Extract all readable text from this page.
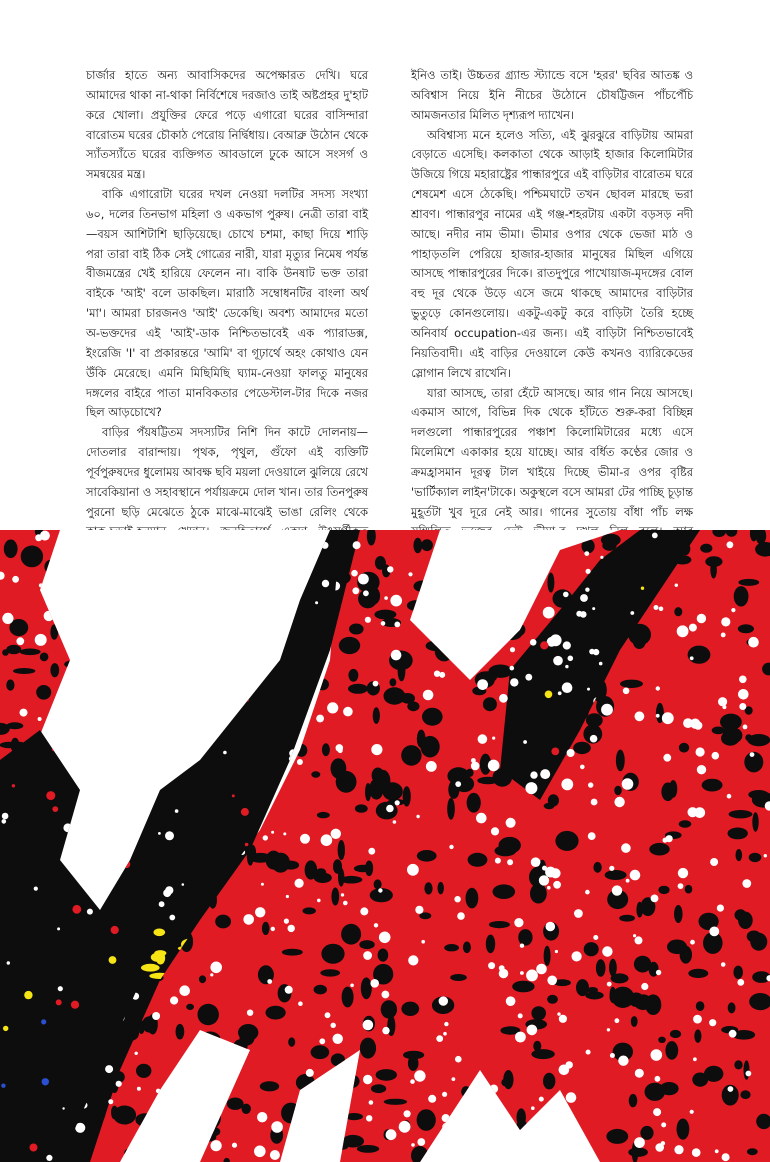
চার্জার হাতে অন্য আবাসিকদের অপেক্ষারত দেখি। ঘরে আমাদের থাকা না-থাকা নির্বিশেষে দরজাও তাই অষ্টপ্রহর দু'হাট করে খোলা। প্রযুক্তির ফেরে পড়ে এগারো ঘরের বাসিন্দারা বারোতম ঘরের চৌকাঠ পেরোয় নির্দ্বিধায়। বেআব্রু উঠোন থেকে স্যাঁতস্যাঁতে ঘরের ব্যক্তিগত আবডালে ঢুকে আসে সংসর্গ ও সমন্বয়ের মন্ত্র।

বাকি এগারোটা ঘরের দখল নেওয়া দলটির সদস্য সংখ্যা ৬০, দলের তিনভাগ মহিলা ও একভাগ পুরুষ। নেত্রী তারা বাই—বয়স আশিটাশি ছাড়িয়েছে। চোখে চশমা, কাছা দিয়ে শাড়ি পরা তারা বাই ঠিক সেই গোত্রের নারী, যারা মৃত্যুর নিমেষ পর্যন্ত বীজমন্ত্রের খেই হারিয়ে ফেলেন না। বাকি উনষাট ভক্ত তারা বাইকে 'আই' বলে ডাকছিল। মারাঠি সম্বোধনটির বাংলা অর্থ 'মা'। আমরা চারজনও 'আই' ডেকেছি। অবশ্য আমাদের মতো অ-ভক্তদের এই 'আই'-ডাক নিশ্চিতভাবেই এক প্যারাডক্স, ইংরেজি 'I' বা প্রকারন্তরে 'আমি' বা গূঢ়ার্থে অহং কোথাও যেন উঁকি মেরেছে। এমনি মিছিমিছি ঘ্যাম-নেওয়া ফালতু মানুষের দঙ্গলের বাইরে পাতা মানবিকতার পেডেস্টাল-টার দিকে নজর ছিল আড়চোখে?

বাড়ির পঁয়ষট্টিতম সদস্যটির নিশি দিন কাটে দোলনায়—দোতলার বারান্দায়। পৃথক, পৃথুল, গুঁফো এই ব্যক্তিটি পূর্বপুরুষদের ধুলোময় আবক্ষ ছবি ময়লা দেওয়ালে ঝুলিয়ে রেখে সাবেকিয়ানা ও সহাবস্থানে পর্যায়ক্রমে দোল খান। তার তিনপুরুষ পুরনো ছড়ি মেঝেতে ঠুকে মাঝে-মাঝেই ভাঙা রেলিং থেকে

ইনিও তাই। উচ্চতর গ্র্যান্ড স্ট্যান্ডে বসে 'হরর' ছবির আতঙ্ক ও অবিশ্বাস নিয়ে ইনি নীচের উঠোনে চৌষট্টিজন পাঁচপেঁচি আমজনতার মিলিত দৃশ্যরূপ দ্যাখেন।

অবিশ্বাস্য মনে হলেও সত্যি, এই ঝুরঝুরে বাড়িটায় আমরা বেড়াতে এসেছি। কলকাতা থেকে আড়াই হাজার কিলোমিটার উজিয়ে গিয়ে মহারাষ্ট্রের পান্ধারপুরে এই বাড়িটার বারোতম ঘরে শেষমেশ এসে ঠেকেছি। পশ্চিমঘাটে তখন ছোবল মারছে ভরা শ্রাবণ। পান্ধারপুর নামের এই গঞ্জ-শহরটায় একটা বড়সড় নদী আছে। নদীর নাম ভীমা। ভীমার ওপার থেকে ভেজা মাঠ ও পাহাড়তলি পেরিয়ে হাজার-হাজার মানুষের মিছিল এগিয়ে আসছে পান্ধারপুরের দিকে। রাতদুপুরে পাখোয়াজ-মৃদঙ্গের বোল বহু দূর থেকে উড়ে এসে জমে থাকছে আমাদের বাড়িটার ভুতুড়ে কোনগুলোয়। একটু-একটু করে বাড়িটা তৈরি হচ্ছে অনিবার্য occupation-এর জন্য। এই বাড়িটা নিশ্চিতভাবেই নিয়তিবাদী। এই বাড়ির দেওয়ালে কেউ কখনও ব্যারিকেডের স্লোগান লিখে রাখেনি।

যারা আসছে, তারা হেঁটে আসছে। আর গান নিয়ে আসছে। একমাস আগে, বিভিন্ন দিক থেকে হাঁটতে শুরু-করা বিচ্ছিন্ন দলগুলো পান্ধারপুরের পঞ্চাশ কিলোমিটারের মধ্যে এসে মিলেমিশে একাকার হয়ে যাচ্ছে। আর বর্ধিত কণ্ঠের জোর ও ক্রমহ্রাসমান দূরত্ব টাল খাইয়ে দিচ্ছে ভীমা-র ওপর বৃষ্টির 'ভার্টিক্যাল লাইন'টাকে। অকুস্থলে বসে আমরা টের পাচ্ছি চূড়ান্ত মুহূর্তটা খুব দূরে নেই আর। গানের সুতোয় বাঁধা পাঁচ লক্ষ
